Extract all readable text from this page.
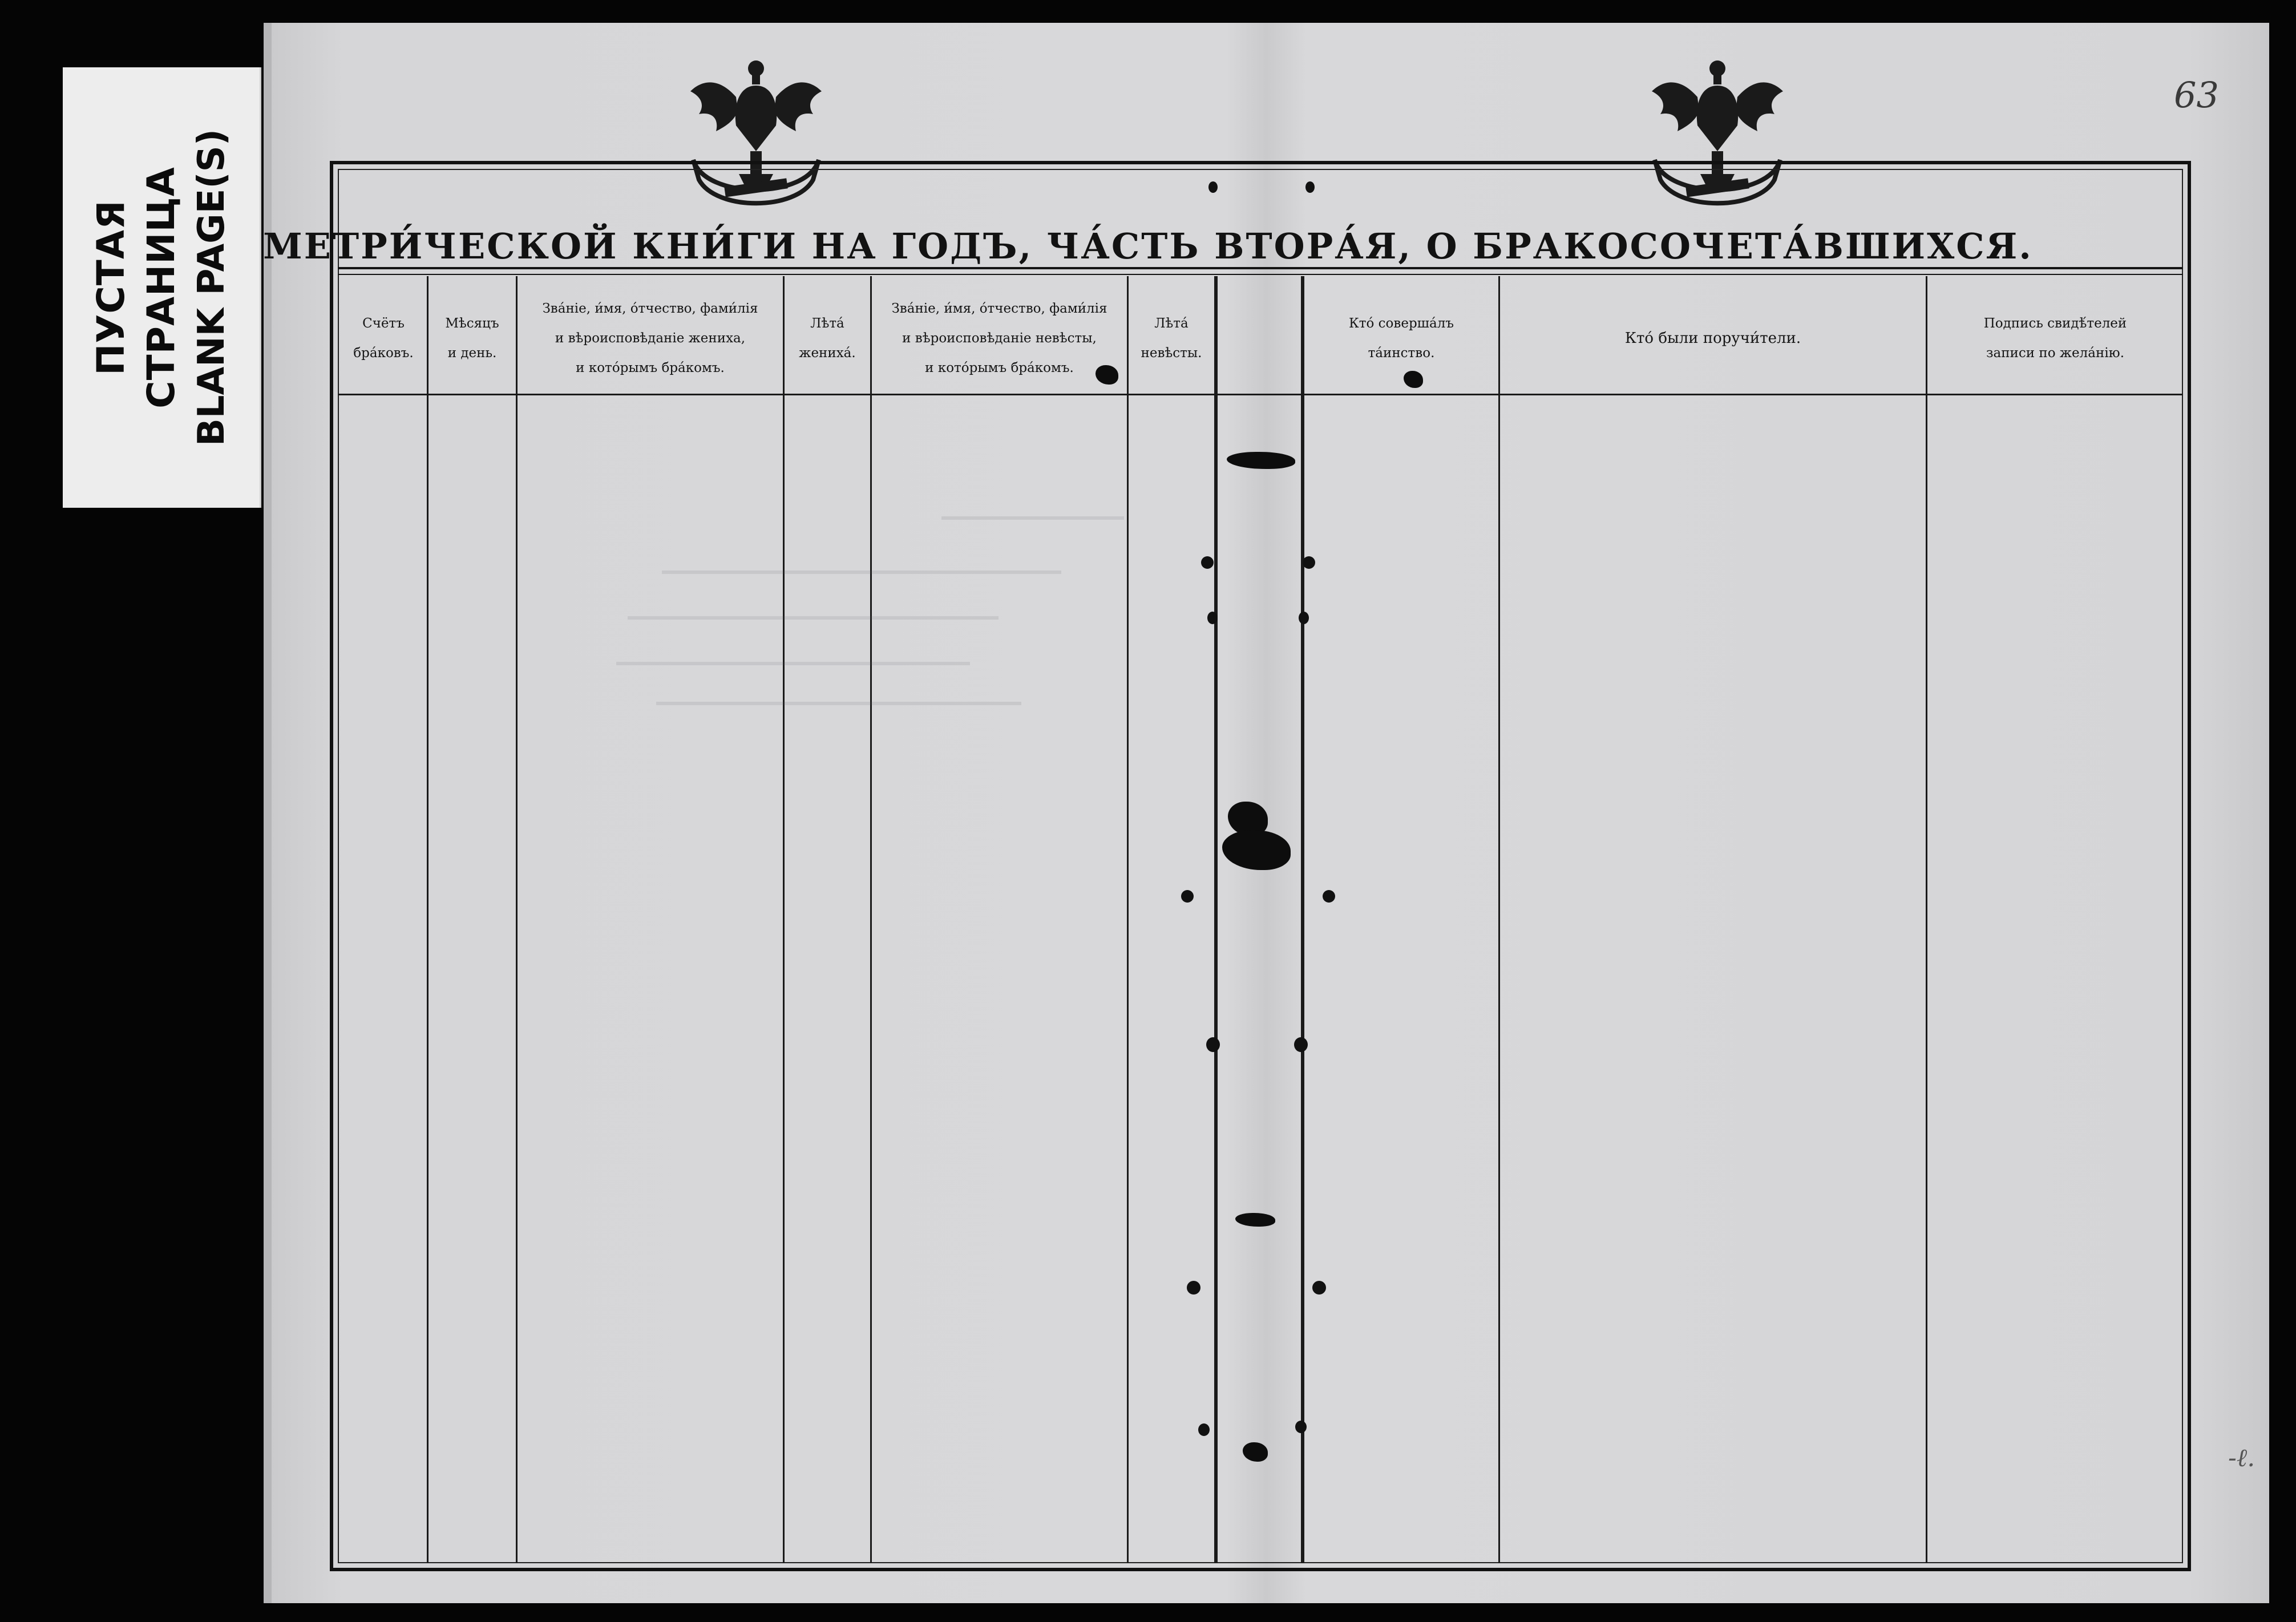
ПУСТАЯ СТРАНИЦА BLANK PAGE(S)
63
-ℓ.
МЕТРИ́ЧЕСКОЙ КНИ́ГИ НА ГОДЪ, ЧА́СТЬ ВТОРА́Я, О БРАКОСОЧЕТА́ВШИХСЯ.
Счётъ
бра́ковъ.
Мѣсяцъ
и день.
Зва́ніе, и́мя, о́тчество, фами́лія
и вѣроисповѣданіе жениха,
и кото́рымъ бра́комъ.
Лѣта́
жениха́.
Зва́ніе, и́мя, о́тчество, фами́лія
и вѣроисповѣданіе невѣсты,
и кото́рымъ бра́комъ.
Лѣта́
невѣсты.
Кто́ соверша́лъ
та́инство.
Кто́ были поручи́тели.
Подпись свидѣ́телей
записи по жела́нію.
